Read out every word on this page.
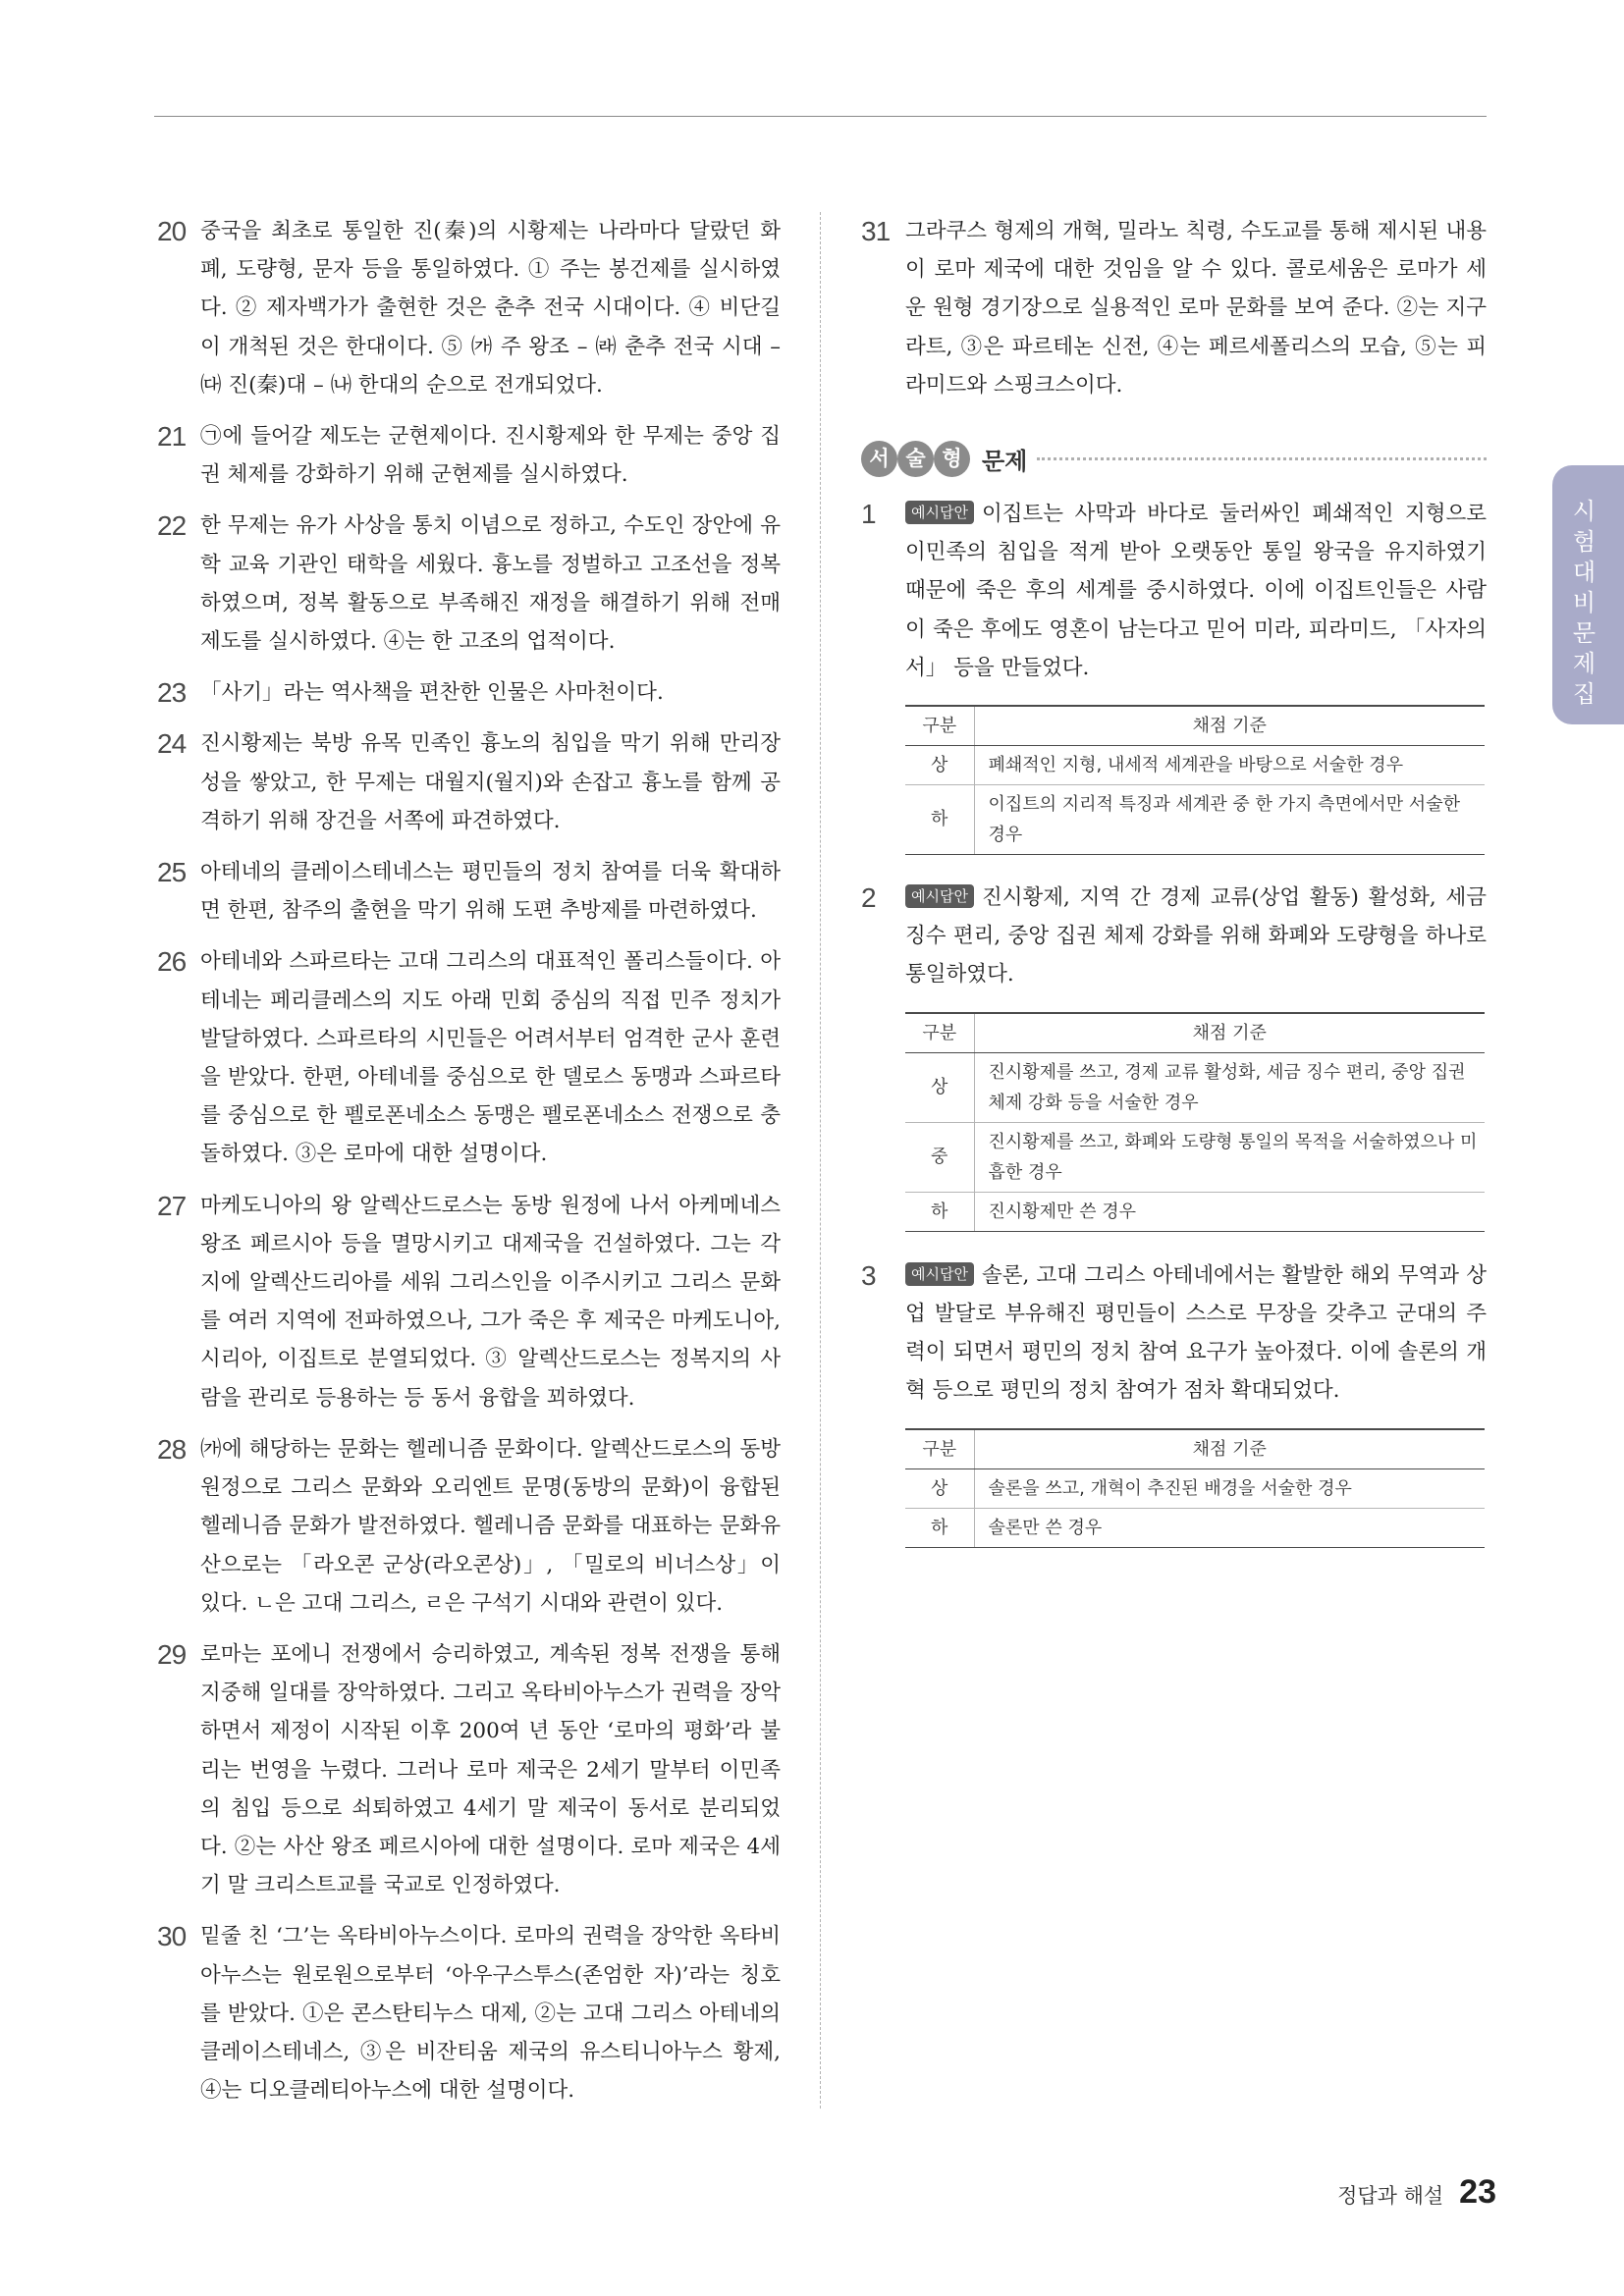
20 중국을 최초로 통일한 진(秦)의 시황제는 나라마다 달랐던 화폐, 도량형, 문자 등을 통일하였다. ① 주는 봉건제를 실시하였다. ② 제자백가가 출현한 것은 춘추 전국 시대이다. ④ 비단길이 개척된 것은 한대이다. ⑤ ㈎ 주 왕조 – ㈑ 춘추 전국 시대 – ㈐ 진(秦)대 – ㈏ 한대의 순으로 전개되었다.
21 ㉠에 들어갈 제도는 군현제이다. 진시황제와 한 무제는 중앙 집권 체제를 강화하기 위해 군현제를 실시하였다.
22 한 무제는 유가 사상을 통치 이념으로 정하고, 수도인 장안에 유학 교육 기관인 태학을 세웠다. 흉노를 정벌하고 고조선을 정복하였으며, 정복 활동으로 부족해진 재정을 해결하기 위해 전매 제도를 실시하였다. ④는 한 고조의 업적이다.
23 「사기」라는 역사책을 편찬한 인물은 사마천이다.
24 진시황제는 북방 유목 민족인 흉노의 침입을 막기 위해 만리장성을 쌓았고, 한 무제는 대월지(월지)와 손잡고 흉노를 함께 공격하기 위해 장건을 서쪽에 파견하였다.
25 아테네의 클레이스테네스는 평민들의 정치 참여를 더욱 확대하면 한편, 참주의 출현을 막기 위해 도편 추방제를 마련하였다.
26 아테네와 스파르타는 고대 그리스의 대표적인 폴리스들이다. 아테네는 페리클레스의 지도 아래 민회 중심의 직접 민주 정치가 발달하였다. 스파르타의 시민들은 어려서부터 엄격한 군사 훈련을 받았다. 한편, 아테네를 중심으로 한 델로스 동맹과 스파르타를 중심으로 한 펠로폰네소스 동맹은 펠로폰네소스 전쟁으로 충돌하였다. ③은 로마에 대한 설명이다.
27 마케도니아의 왕 알렉산드로스는 동방 원정에 나서 아케메네스 왕조 페르시아 등을 멸망시키고 대제국을 건설하였다. 그는 각지에 알렉산드리아를 세워 그리스인을 이주시키고 그리스 문화를 여러 지역에 전파하였으나, 그가 죽은 후 제국은 마케도니아, 시리아, 이집트로 분열되었다. ③ 알렉산드로스는 정복지의 사람을 관리로 등용하는 등 동서 융합을 꾀하였다.
28 ㈎에 해당하는 문화는 헬레니즘 문화이다. 알렉산드로스의 동방 원정으로 그리스 문화와 오리엔트 문명(동방의 문화)이 융합된 헬레니즘 문화가 발전하였다. 헬레니즘 문화를 대표하는 문화유산으로는 「라오콘 군상(라오콘상)」, 「밀로의 비너스상」이 있다. ㄴ은 고대 그리스, ㄹ은 구석기 시대와 관련이 있다.
29 로마는 포에니 전쟁에서 승리하였고, 계속된 정복 전쟁을 통해 지중해 일대를 장악하였다. 그리고 옥타비아누스가 권력을 장악하면서 제정이 시작된 이후 200여 년 동안 ‘로마의 평화’라 불리는 번영을 누렸다. 그러나 로마 제국은 2세기 말부터 이민족의 침입 등으로 쇠퇴하였고 4세기 말 제국이 동서로 분리되었다. ②는 사산 왕조 페르시아에 대한 설명이다. 로마 제국은 4세기 말 크리스트교를 국교로 인정하였다.
30 밑줄 친 ‘그’는 옥타비아누스이다. 로마의 권력을 장악한 옥타비아누스는 원로원으로부터 ‘아우구스투스(존엄한 자)’라는 칭호를 받았다. ①은 콘스탄티누스 대제, ②는 고대 그리스 아테네의 클레이스테네스, ③은 비잔티움 제국의 유스티니아누스 황제, ④는 디오클레티아누스에 대한 설명이다.
31 그라쿠스 형제의 개혁, 밀라노 칙령, 수도교를 통해 제시된 내용이 로마 제국에 대한 것임을 알 수 있다. 콜로세움은 로마가 세운 원형 경기장으로 실용적인 로마 문화를 보여 준다. ②는 지구라트, ③은 파르테논 신전, ④는 페르세폴리스의 모습, ⑤는 피라미드와 스핑크스이다.
서 술 형 문제
1	예시답안 이집트는 사막과 바다로 둘러싸인 폐쇄적인 지형으로 이민족의 침입을 적게 받아 오랫동안 통일 왕국을 유지하였기 때문에 죽은 후의 세계를 중시하였다. 이에 이집트인들은 사람이 죽은 후에도 영혼이 남는다고 믿어 미라, 피라미드, 「사자의 서」 등을 만들었다.
구분	채점 기준
상	폐쇄적인 지형, 내세적 세계관을 바탕으로 서술한 경우
하	이집트의 지리적 특징과 세계관 중 한 가지 측면에서만 서술한 경우
2	예시답안 진시황제, 지역 간 경제 교류(상업 활동) 활성화, 세금 징수 편리, 중앙 집권 체제 강화를 위해 화폐와 도량형을 하나로 통일하였다.
구분	채점 기준
상	진시황제를 쓰고, 경제 교류 활성화, 세금 징수 편리, 중앙 집권 체제 강화 등을 서술한 경우
중	진시황제를 쓰고, 화폐와 도량형 통일의 목적을 서술하였으나 미흡한 경우
하	진시황제만 쓴 경우
3	예시답안 솔론, 고대 그리스 아테네에서는 활발한 해외 무역과 상업 발달로 부유해진 평민들이 스스로 무장을 갖추고 군대의 주력이 되면서 평민의 정치 참여 요구가 높아졌다. 이에 솔론의 개혁 등으로 평민의 정치 참여가 점차 확대되었다.
구분	채점 기준
상	솔론을 쓰고, 개혁이 추진된 배경을 서술한 경우
하	솔론만 쓴 경우
시험대비문제집
정답과 해설 23
